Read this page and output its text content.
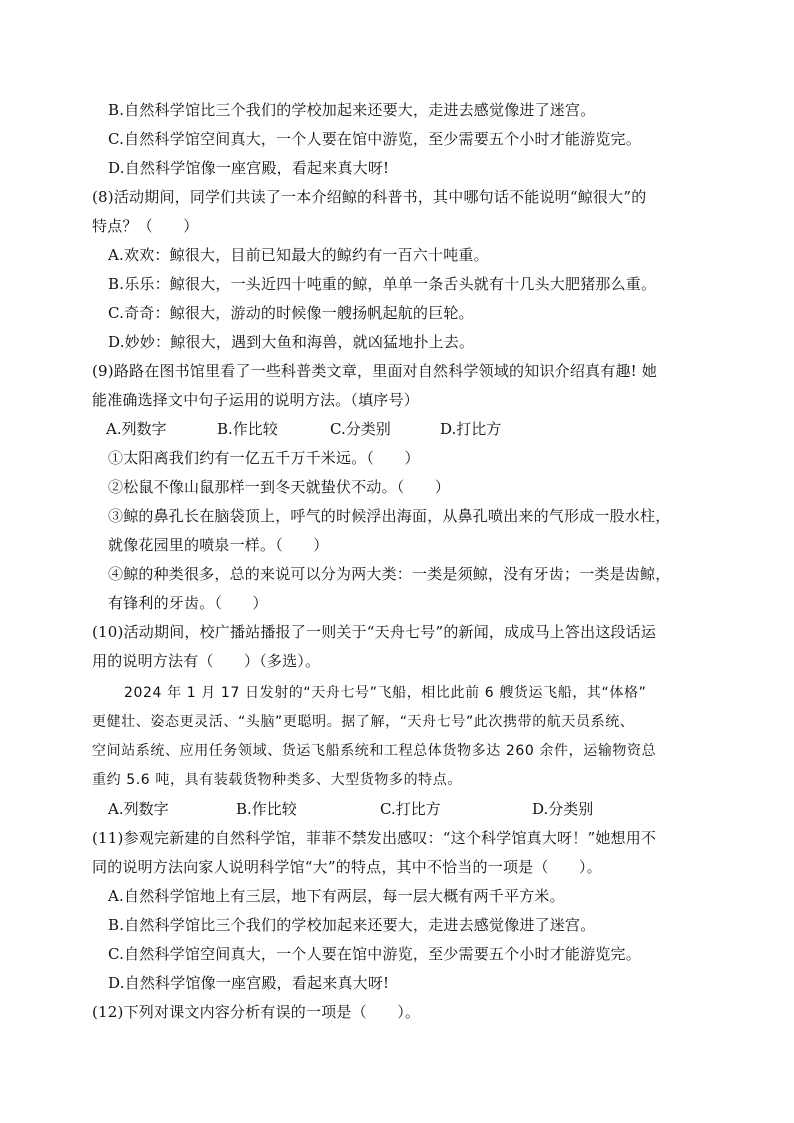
B.自然科学馆比三个我们的学校加起来还要大，走进去感觉像进了迷宫。
C.自然科学馆空间真大，一个人要在馆中游览，至少需要五个小时才能游览完。
D.自然科学馆像一座宫殿，看起来真大呀!
(8)活动期间，同学们共读了一本介绍鲸的科普书，其中哪句话不能说明“鲸很大”的
特点？（　　）
A.欢欢：鲸很大，目前已知最大的鲸约有一百六十吨重。
B.乐乐：鲸很大，一头近四十吨重的鲸，单单一条舌头就有十几头大肥猪那么重。
C.奇奇：鲸很大，游动的时候像一艘扬帆起航的巨轮。
D.妙妙：鲸很大，遇到大鱼和海兽，就凶猛地扑上去。
(9)路路在图书馆里看了一些科普类文章，里面对自然科学领域的知识介绍真有趣! 她
能准确选择文中句子运用的说明方法。（填序号）
A.列数字	B.作比较	C.分类别	D.打比方
①太阳离我们约有一亿五千万千米远。（　　）
②松鼠不像山鼠那样一到冬天就蛰伏不动。（　　）
③鲸的鼻孔长在脑袋顶上，呼气的时候浮出海面，从鼻孔喷出来的气形成一股水柱，
就像花园里的喷泉一样。（　　）
④鲸的种类很多，总的来说可以分为两大类：一类是须鲸，没有牙齿；一类是齿鲸，
有锋利的牙齿。（　　）
(10)活动期间，校广播站播报了一则关于“天舟七号”的新闻，成成马上答出这段话运
用的说明方法有（　　）（多选）。
2024 年 1 月 17 日发射的“天舟七号”飞船，相比此前 6 艘货运飞船，其“体格”
更健壮、姿态更灵活、“头脑”更聪明。据了解，“天舟七号”此次携带的航天员系统、
空间站系统、应用任务领域、货运飞船系统和工程总体货物多达 260 余件，运输物资总
重约 5.6 吨，具有装载货物种类多、大型货物多的特点。
A.列数字	B.作比较	C.打比方	D.分类别
(11)参观完新建的自然科学馆，菲菲不禁发出感叹：“这个科学馆真大呀！”她想用不
同的说明方法向家人说明科学馆“大”的特点，其中不恰当的一项是（　　）。
A.自然科学馆地上有三层，地下有两层，每一层大概有两千平方米。
B.自然科学馆比三个我们的学校加起来还要大，走进去感觉像进了迷宫。
C.自然科学馆空间真大，一个人要在馆中游览，至少需要五个小时才能游览完。
D.自然科学馆像一座宫殿，看起来真大呀!
(12)下列对课文内容分析有误的一项是（　　）。
